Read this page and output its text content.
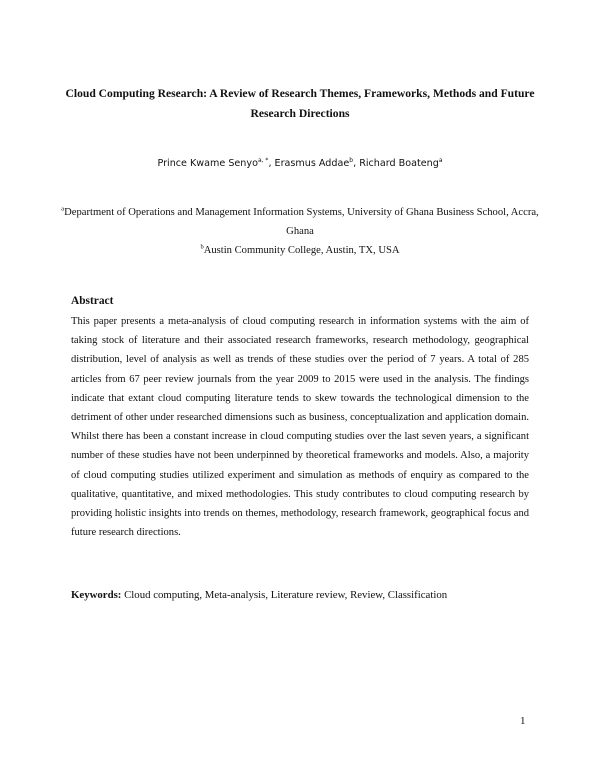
Cloud Computing Research: A Review of Research Themes, Frameworks, Methods and Future Research Directions
Prince Kwame Senyo$^{a, *}$, Erasmus Addae$^b$, Richard Boateng$^a$
$^a$Department of Operations and Management Information Systems, University of Ghana Business School, Accra, Ghana
$^b$Austin Community College, Austin, TX, USA
Abstract
This paper presents a meta-analysis of cloud computing research in information systems with the aim of taking stock of literature and their associated research frameworks, research methodology, geographical distribution, level of analysis as well as trends of these studies over the period of 7 years. A total of 285 articles from 67 peer review journals from the year 2009 to 2015 were used in the analysis. The findings indicate that extant cloud computing literature tends to skew towards the technological dimension to the detriment of other under researched dimensions such as business, conceptualization and application domain. Whilst there has been a constant increase in cloud computing studies over the last seven years, a significant number of these studies have not been underpinned by theoretical frameworks and models. Also, a majority of cloud computing studies utilized experiment and simulation as methods of enquiry as compared to the qualitative, quantitative, and mixed methodologies. This study contributes to cloud computing research by providing holistic insights into trends on themes, methodology, research framework, geographical focus and future research directions.
Keywords: Cloud computing, Meta-analysis, Literature review, Review, Classification
1
